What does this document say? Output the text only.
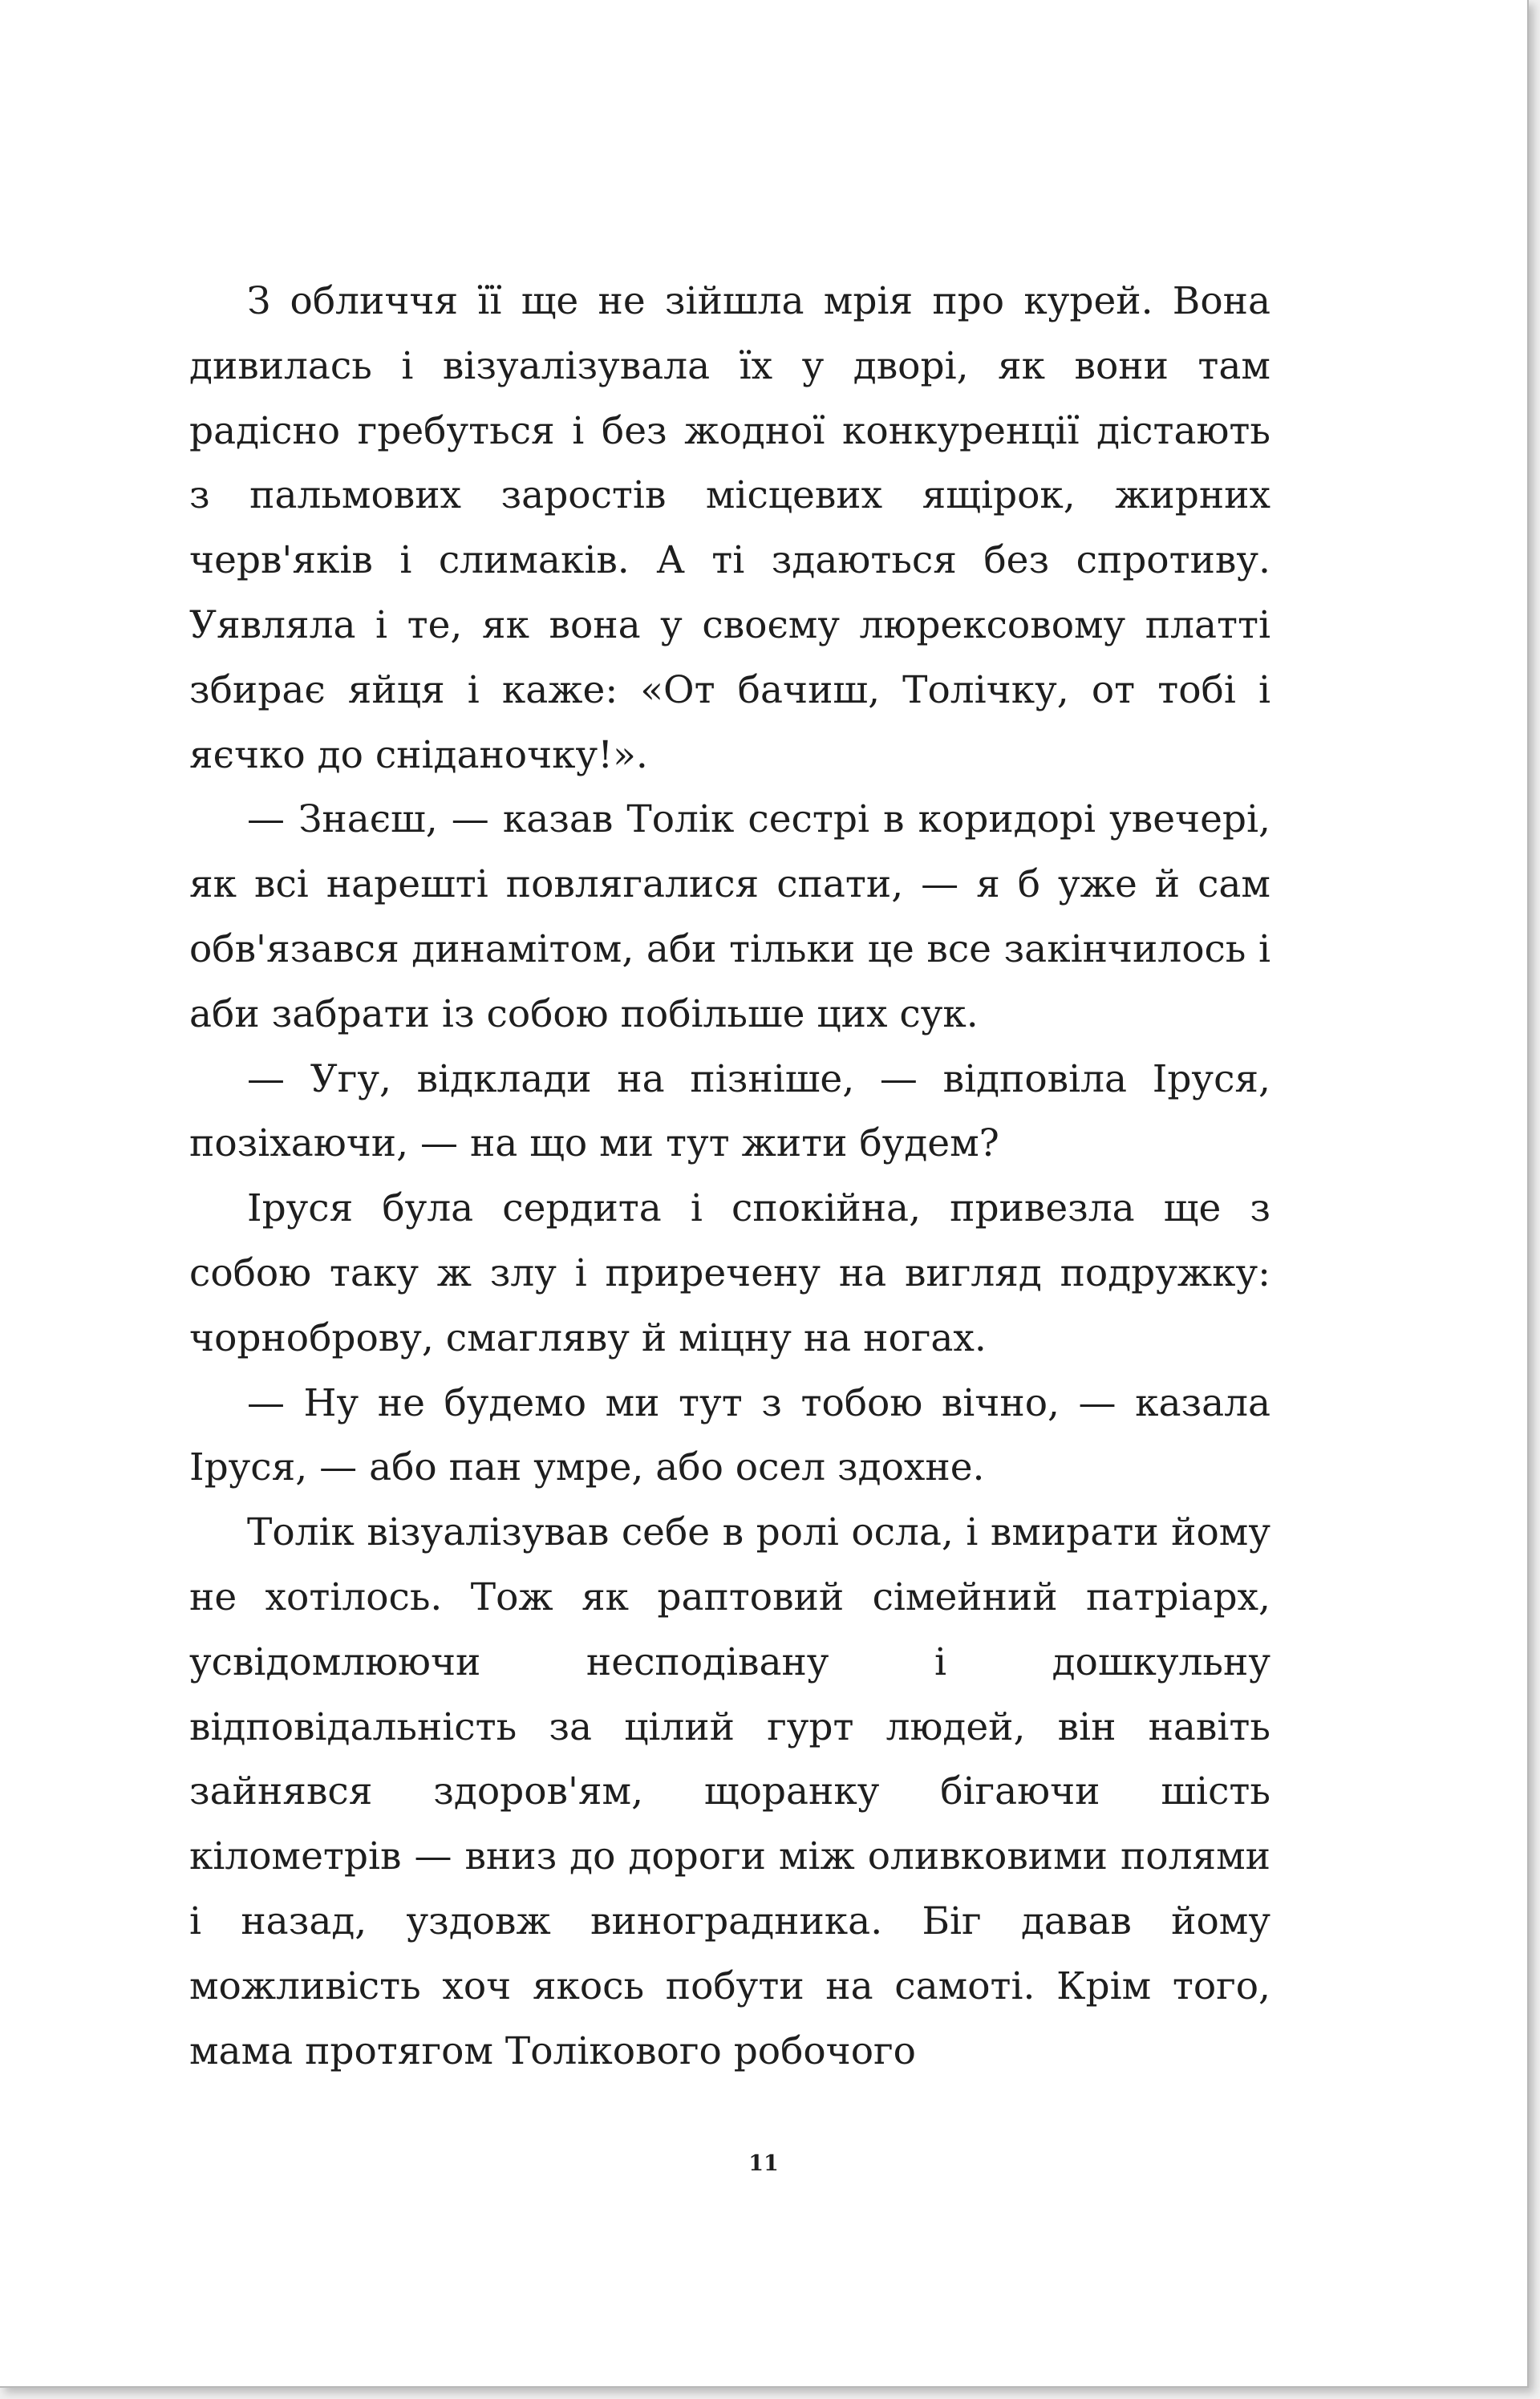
З обличчя її ще не зійшла мрія про курей. Вона дивилась і візуалізувала їх у дворі, як вони там радісно гребуться і без жодної конкуренції дістають з пальмових заростів місцевих ящірок, жирних черв'яків і слимаків. А ті здаються без спротиву. Уявляла і те, як вона у своєму люрексовому платті збирає яйця і каже: «От бачиш, Толічку, от тобі і яєчко до сніданочку!».

— Знаєш, — казав Толік сестрі в коридорі увечері, як всі нарешті повлягалися спати, — я б уже й сам обв'язався динамітом, аби тільки це все закінчилось і аби забрати із собою побільше цих сук.

— Угу, відклади на пізніше, — відповіла Іруся, позіхаючи, — на що ми тут жити будем?

Іруся була сердита і спокійна, привезла ще з собою таку ж злу і приречену на вигляд подружку: чорноброву, смагляву й міцну на ногах.

— Ну не будемо ми тут з тобою вічно, — казала Іруся, — або пан умре, або осел здохне.

Толік візуалізував себе в ролі осла, і вмирати йому не хотілось. Тож як раптовий сімейний патріарх, усвідомлюючи несподівану і дошкульну відповідальність за цілий гурт людей, він навіть зайнявся здоров'ям, щоранку бігаючи шість кілометрів — вниз до дороги між оливковими полями і назад, уздовж виноградника. Біг давав йому можливість хоч якось побути на самоті. Крім того, мама протягом Толікового робочого

11
